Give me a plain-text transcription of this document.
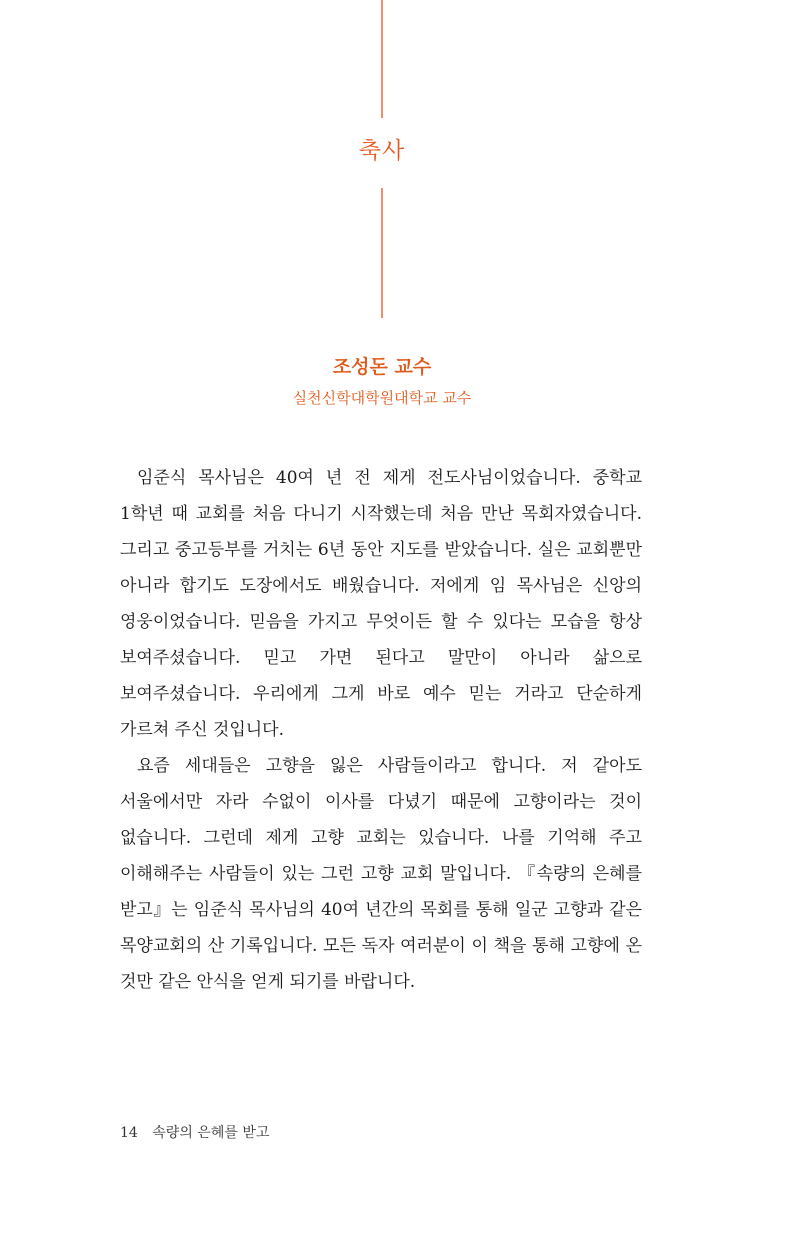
축사
조성돈 교수
실천신학대학원대학교 교수

임준식 목사님은 40여 년 전 제게 전도사님이었습니다. 중학교 1학년 때 교회를 처음 다니기 시작했는데 처음 만난 목회자였습니다. 그리고 중고등부를 거치는 6년 동안 지도를 받았습니다. 실은 교회뿐만 아니라 합기도 도장에서도 배웠습니다. 저에게 임 목사님은 신앙의 영웅이었습니다. 믿음을 가지고 무엇이든 할 수 있다는 모습을 항상 보여주셨습니다. 믿고 가면 된다고 말만이 아니라 삶으로 보여주셨습니다. 우리에게 그게 바로 예수 믿는 거라고 단순하게 가르쳐 주신 것입니다.

요즘 세대들은 고향을 잃은 사람들이라고 합니다. 저 같아도 서울에서만 자라 수없이 이사를 다녔기 때문에 고향이라는 것이 없습니다. 그런데 제게 고향 교회는 있습니다. 나를 기억해 주고 이해해주는 사람들이 있는 그런 고향 교회 말입니다. 『속량의 은혜를 받고』는 임준식 목사님의 40여 년간의 목회를 통해 일군 고향과 같은 목양교회의 산 기록입니다. 모든 독자 여러분이 이 책을 통해 고향에 온 것만 같은 안식을 얻게 되기를 바랍니다.

14 속량의 은혜를 받고
